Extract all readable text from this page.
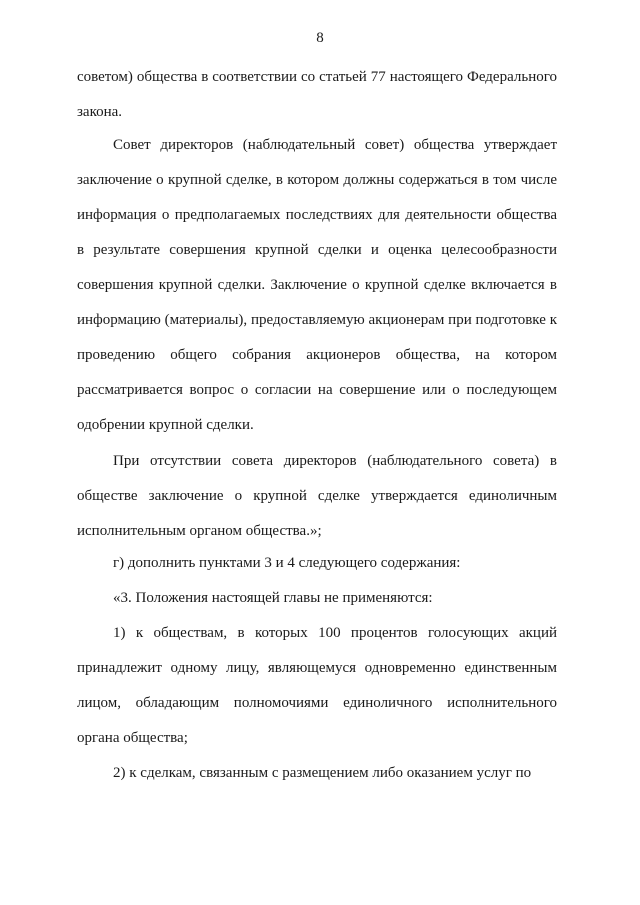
8

советом) общества в соответствии со статьей 77 настоящего Федерального закона.

Совет директоров (наблюдательный совет) общества утверждает заключение о крупной сделке, в котором должны содержаться в том числе информация о предполагаемых последствиях для деятельности общества в результате совершения крупной сделки и оценка целесообразности совершения крупной сделки. Заключение о крупной сделке включается в информацию (материалы), предоставляемую акционерам при подготовке к проведению общего собрания акционеров общества, на котором рассматривается вопрос о согласии на совершение или о последующем одобрении крупной сделки.

При отсутствии совета директоров (наблюдательного совета) в обществе заключение о крупной сделке утверждается единоличным исполнительным органом общества.»;

г) дополнить пунктами 3 и 4 следующего содержания:

«3. Положения настоящей главы не применяются:

1) к обществам, в которых 100 процентов голосующих акций принадлежит одному лицу, являющемуся одновременно единственным лицом, обладающим полномочиями единоличного исполнительного органа общества;

2) к сделкам, связанным с размещением либо оказанием услуг по
